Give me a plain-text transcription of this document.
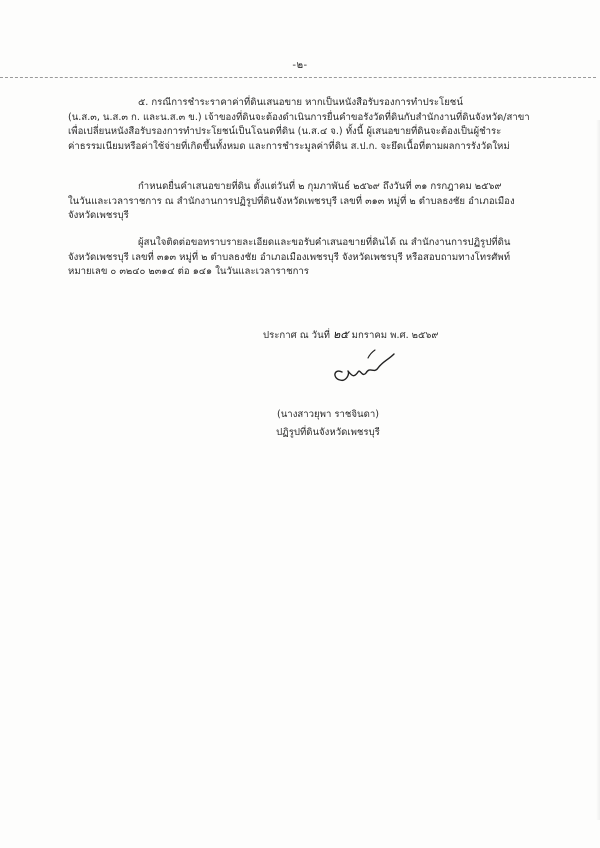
-๒-
๕. กรณีการชำระราคาค่าที่ดินเสนอขาย หากเป็นหนังสือรับรองการทำประโยชน์
(น.ส.๓, น.ส.๓ ก. และน.ส.๓ ข.) เจ้าของที่ดินจะต้องดำเนินการยื่นคำขอรังวัดที่ดินกับสำนักงานที่ดินจังหวัด/สาขา
เพื่อเปลี่ยนหนังสือรับรองการทำประโยชน์เป็นโฉนดที่ดิน (น.ส.๔ จ.) ทั้งนี้ ผู้เสนอขายที่ดินจะต้องเป็นผู้ชำระ
ค่าธรรมเนียมหรือค่าใช้จ่ายที่เกิดขึ้นทั้งหมด และการชำระมูลค่าที่ดิน ส.ป.ก. จะยึดเนื้อที่ตามผลการรังวัดใหม่
กำหนดยื่นคำเสนอขายที่ดิน ตั้งแต่วันที่ ๒ กุมภาพันธ์ ๒๕๖๙ ถึงวันที่ ๓๑ กรกฎาคม ๒๕๖๙
ในวันและเวลาราชการ ณ สำนักงานการปฏิรูปที่ดินจังหวัดเพชรบุรี เลขที่ ๓๑๓ หมู่ที่ ๒ ตำบลธงชัย อำเภอเมือง
จังหวัดเพชรบุรี
ผู้สนใจติดต่อขอทราบรายละเอียดและขอรับคำเสนอขายที่ดินได้ ณ สำนักงานการปฏิรูปที่ดิน
จังหวัดเพชรบุรี เลขที่ ๓๑๓ หมู่ที่ ๒ ตำบลธงชัย อำเภอเมืองเพชรบุรี จังหวัดเพชรบุรี หรือสอบถามทางโทรศัพท์
หมายเลข ๐ ๓๒๔๐ ๒๓๑๔ ต่อ ๑๔๑ ในวันและเวลาราชการ
ประกาศ ณ วันที่ ๒๕ มกราคม พ.ศ. ๒๕๖๙
(นางสาวยุพา ราชจินดา)
ปฏิรูปที่ดินจังหวัดเพชรบุรี
